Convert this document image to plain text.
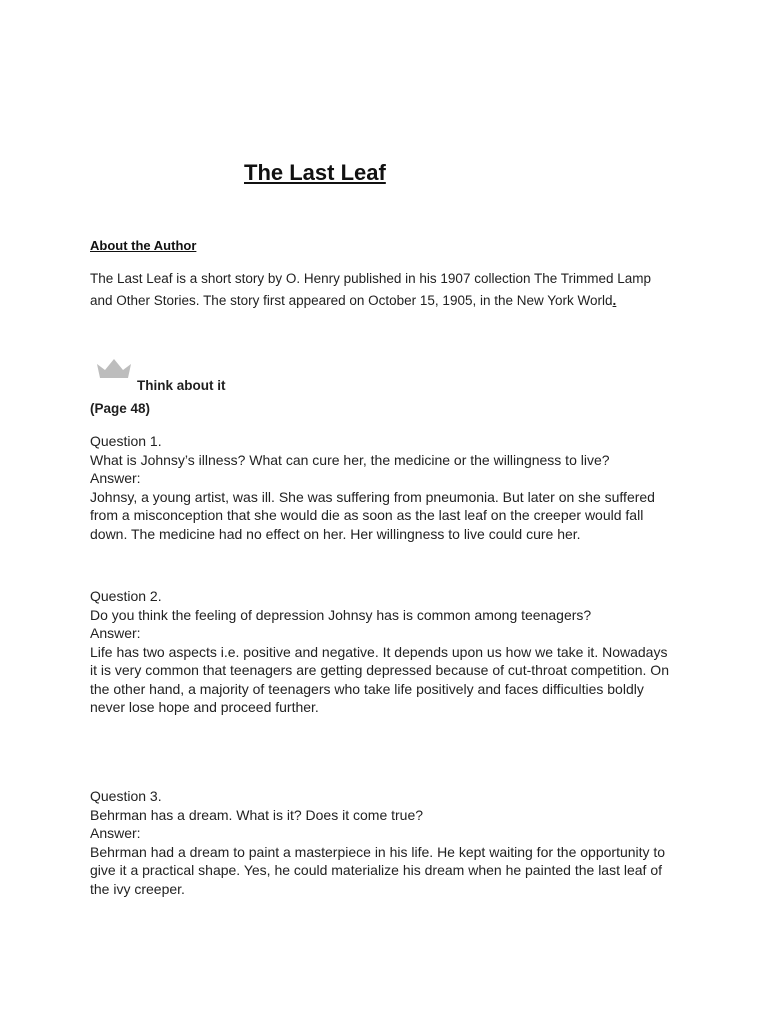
The Last Leaf
About the Author

The Last Leaf is a short story by O. Henry published in his 1907 collection The Trimmed Lamp and Other Stories. The story first appeared on October 15, 1905, in the New York World.

Think about it
(Page 48)

Question 1.

What is Johnsy’s illness? What can cure her, the medicine or the willingness to live?

Answer:

Johnsy, a young artist, was ill. She was suffering from pneumonia. But later on she suffered from a misconception that she would die as soon as the last leaf on the creeper would fall down. The medicine had no effect on her. Her willingness to live could cure her.

Question 2.

Do you think the feeling of depression Johnsy has is common among teenagers?

Answer:

Life has two aspects i.e. positive and negative. It depends upon us how we take it. Nowadays it is very common that teenagers are getting depressed because of cut-throat competition. On the other hand, a majority of teenagers who take life positively and faces difficulties boldly never lose hope and proceed further.

Question 3.

Behrman has a dream. What is it? Does it come true?

Answer:

Behrman had a dream to paint a masterpiece in his life. He kept waiting for the opportunity to give it a practical shape. Yes, he could materialize his dream when he painted the last leaf of the ivy creeper.
